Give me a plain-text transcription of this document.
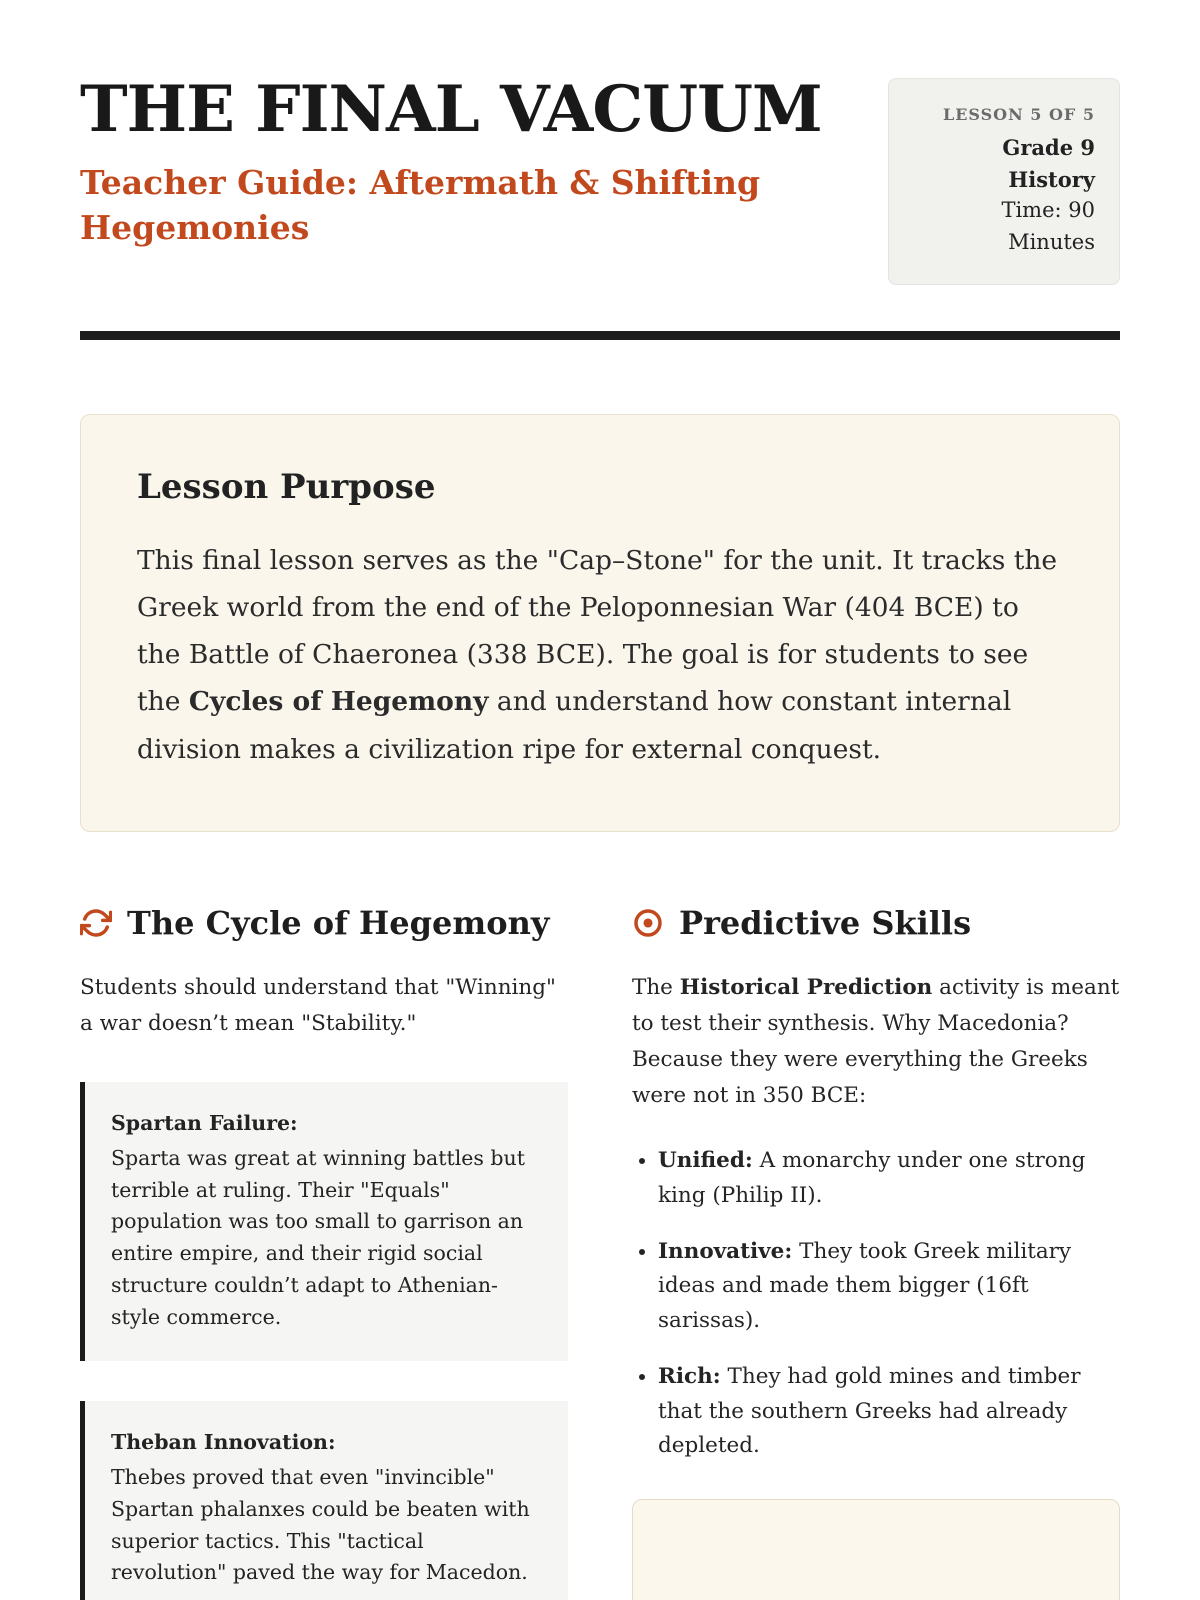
THE FINAL VACUUM
Teacher Guide: Aftermath & Shifting Hegemonies
LESSON 5 OF 5
Grade 9
History
Time: 90 Minutes
Lesson Purpose

This final lesson serves as the "Cap–Stone" for the unit. It tracks the Greek world from the end of the Peloponnesian War (404 BCE) to the Battle of Chaeronea (338 BCE). The goal is for students to see the Cycles of Hegemony and understand how constant internal division makes a civilization ripe for external conquest.

The Cycle of Hegemony

Students should understand that "Winning" a war doesn’t mean "Stability."

Spartan Failure:
Sparta was great at winning battles but terrible at ruling. Their "Equals" population was too small to garrison an entire empire, and their rigid social structure couldn’t adapt to Athenian-style commerce.
Theban Innovation:
Thebes proved that even "invincible" Spartan phalanxes could be beaten with superior tactics. This "tactical revolution" paved the way for Macedon.
Predictive Skills

The Historical Prediction activity is meant to test their synthesis. Why Macedonia? Because they were everything the Greeks were not in 350 BCE:

• Unified: A monarchy under one strong king (Philip II).
• Innovative: They took Greek military ideas and made them bigger (16ft sarissas).
• Rich: They had gold mines and timber that the southern Greeks had already depleted.
